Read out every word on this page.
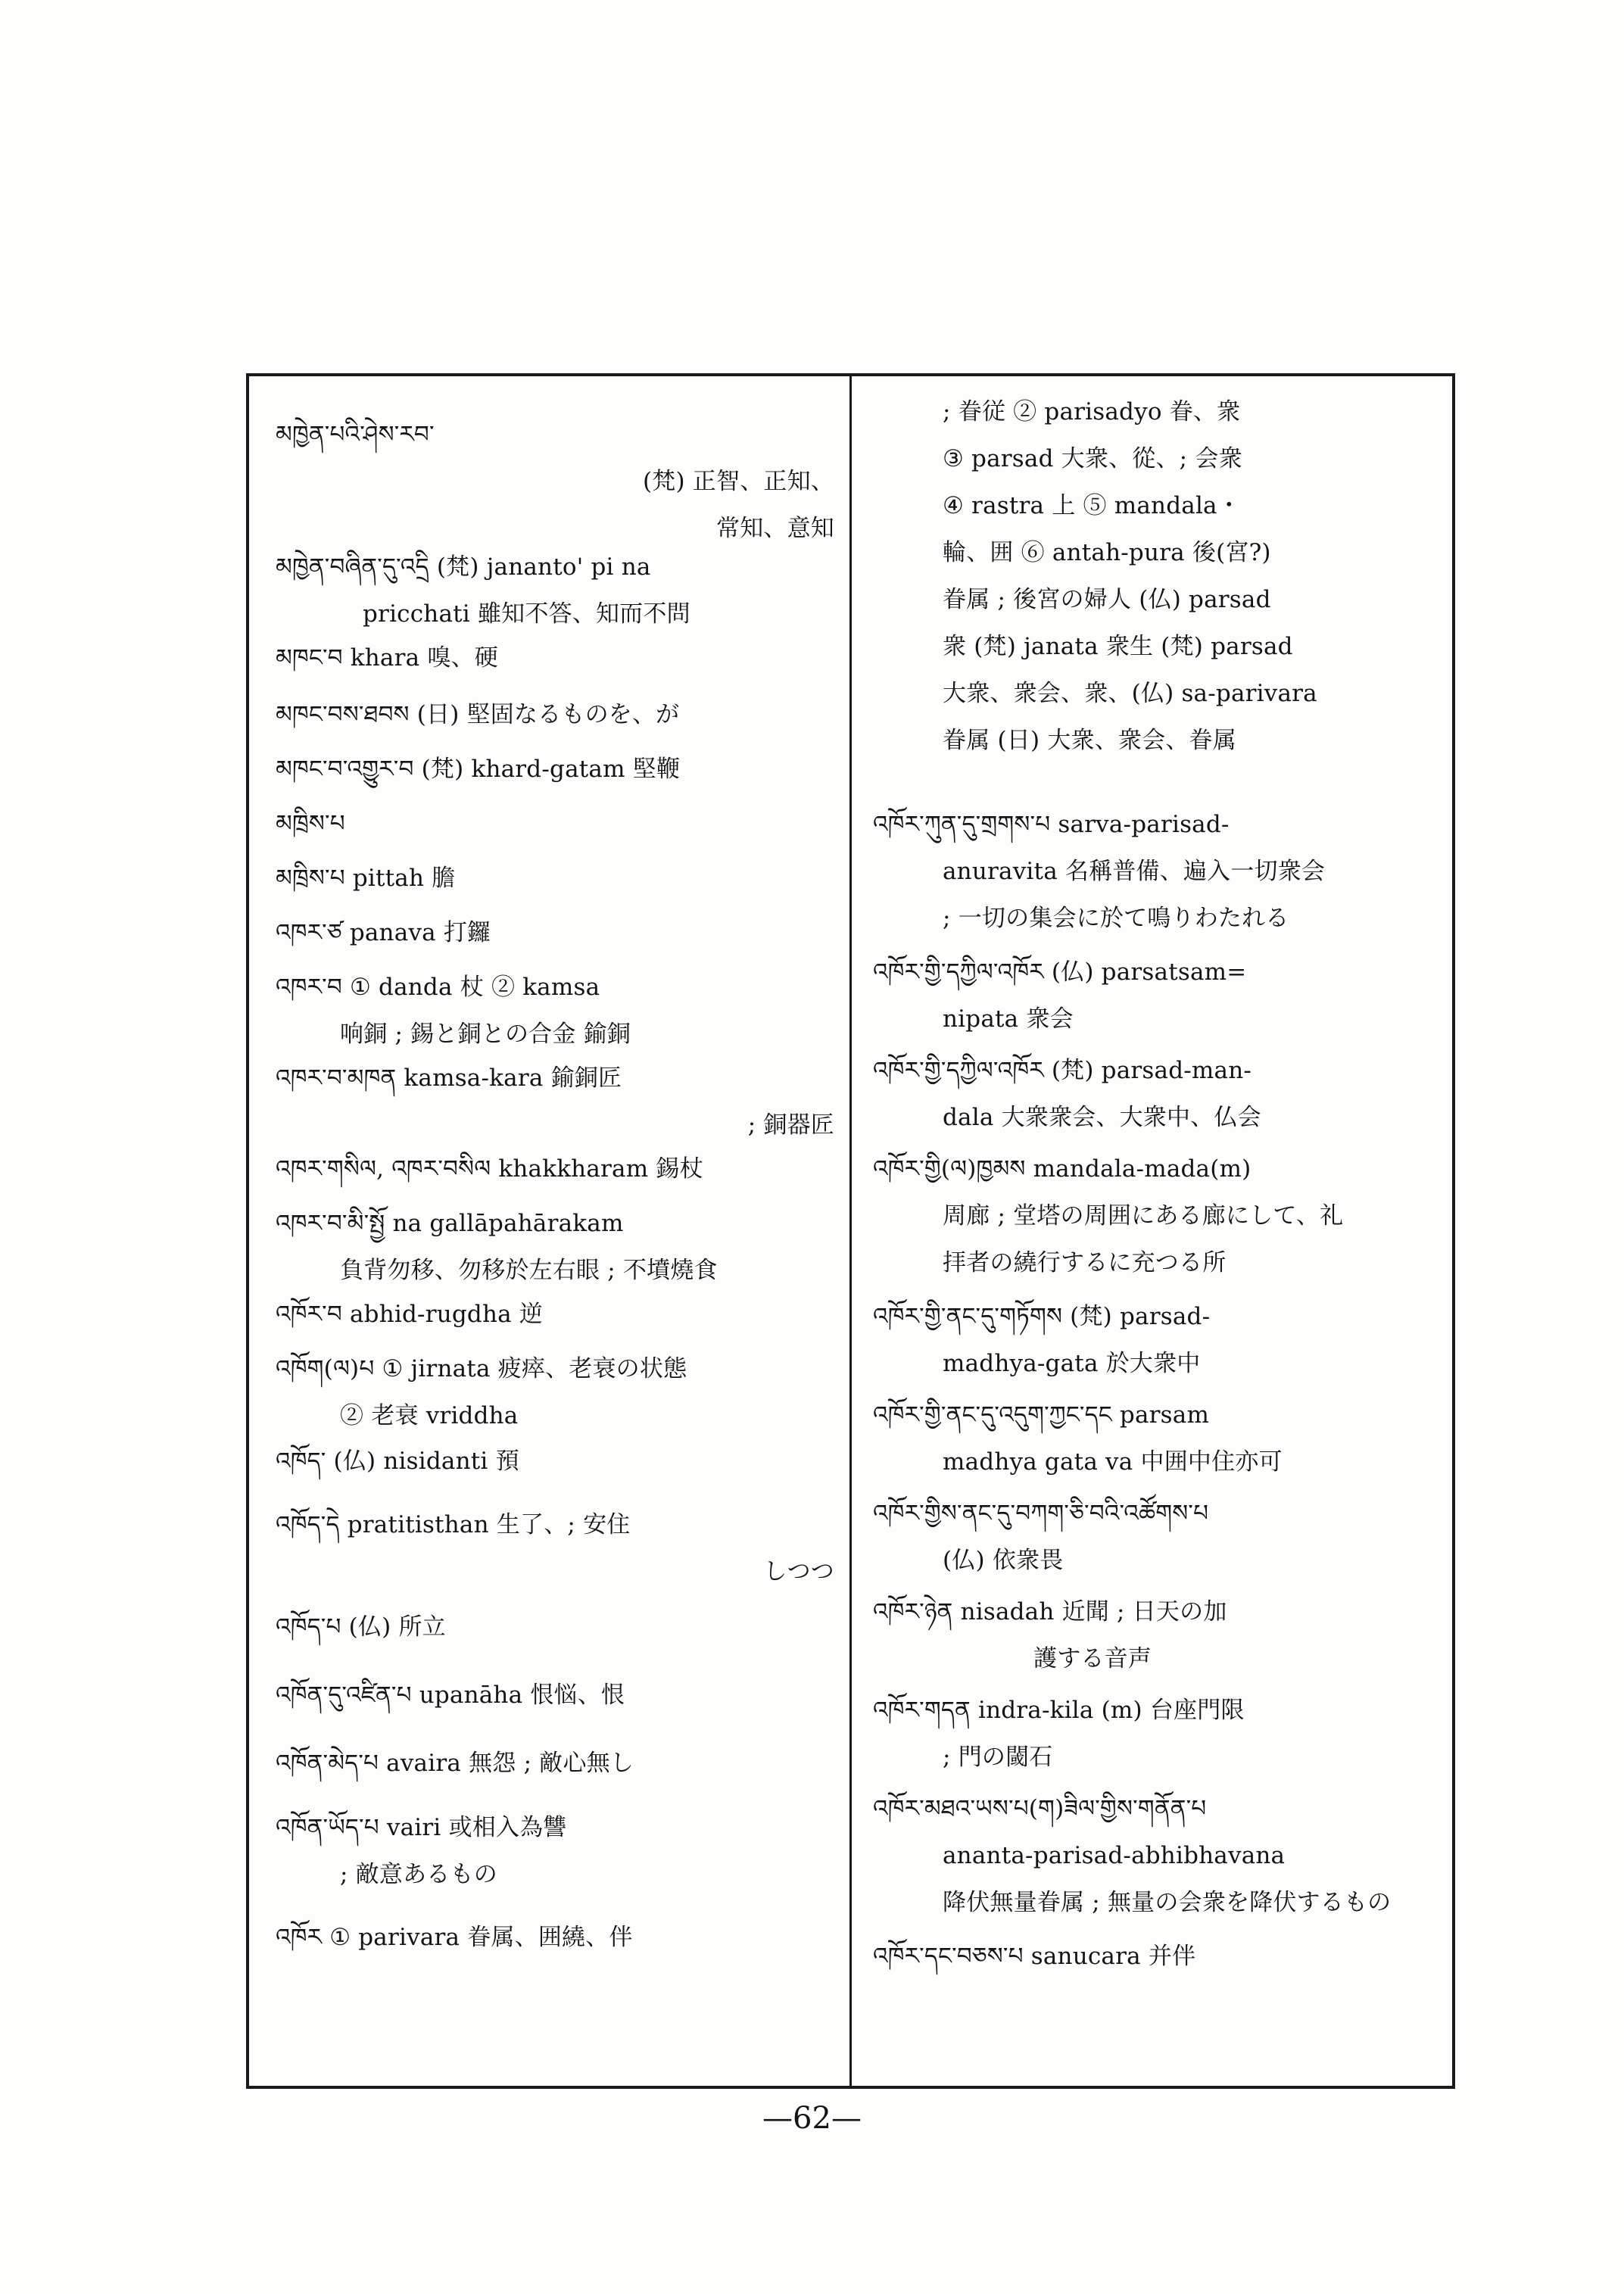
མཁྱེན་པའི་ཤེས་རབ་
(梵) 正智、正知、
常知、意知
མཁྱེན་བཞིན་དུ་འདྲི (梵) jananto' pi na
pricchati 雖知不答、知而不問
མཁང་བ khara 嗅、硬
མཁང་བས་ཐབས (日) 堅固なるものを、が
མཁང་བ་འགྱུར་བ (梵) khard-gatam 堅鞭
མཁྲིས་པ
མཁྲིས་པ pittah 膽
འཁར་ཙ panava 打鑼
འཁར་བ ① danda 杖 ② kamsa
响銅 ; 錫と銅との合金 鍮銅
འཁར་བ་མཁན kamsa-kara 鍮銅匠
; 銅器匠
འཁར་གསིལ, འཁར་བསིལ khakkharam 錫杖
འཁར་བ་མི་སྤྱོ na gallāpahārakam
負背勿移、勿移於左右眼 ; 不墳燒食
འཁོར་བ abhid-rugdha 逆
འཁོག(ལ)པ ① jirnata 疲瘁、老衰の状態
② 老衰 vriddha
འཁོད་ (仏) nisidanti 預
འཁོད་དེ pratitisthan 生了、; 安住
しつつ
འཁོད་པ (仏) 所立
འཁོན་དུ་འཛིན་པ upanāha 恨悩、恨
འཁོན་མེད་པ avaira 無怨 ; 敵心無し
འཁོན་ཡོད་པ vairi 或相入為讐
; 敵意あるもの
འཁོར ① parivara 眷属、囲繞、伴
; 眷従 ② parisadyo 眷、衆
③ parsad 大衆、從、; 会衆
④ rastra 上 ⑤ mandala・
輪、囲 ⑥ antah-pura 後(宮?)
眷属 ; 後宮の婦人 (仏) parsad
衆 (梵) janata 衆生 (梵) parsad
大衆、衆会、衆、(仏) sa-parivara
眷属 (日) 大衆、衆会、眷属
འཁོར་ཀུན་དུ་གྲགས་པ sarva-parisad-
anuravita 名稱普備、遍入一切衆会
; 一切の集会に於て鳴りわたれる
འཁོར་གྱི་དཀྱིལ་འཁོར (仏) parsatsam=
nipata 衆会
འཁོར་གྱི་དཀྱིལ་འཁོར (梵) parsad-man-
dala 大衆衆会、大衆中、仏会
འཁོར་གྱི(ལ)ཁྱམས mandala-mada(m)
周廊 ; 堂塔の周囲にある廊にして、礼
拝者の繞行するに充つる所
འཁོར་གྱི་ནང་དུ་གཏོགས (梵) parsad-
madhya-gata 於大衆中
འཁོར་གྱི་ནང་དུ་འདུག་ཀྱང་དང parsam
madhya gata va 中囲中住亦可
འཁོར་གྱིས་ནང་དུ་བཀག་ཅི་བའི་འཚོགས་པ
(仏) 依衆畏
འཁོར་ཉེན nisadah 近聞 ; 日天の加
護する音声
འཁོར་གདན indra-kila (m) 台座門限
; 門の閾石
འཁོར་མཐའ་ཡས་པ(ག)ཟིལ་གྱིས་གནོན་པ
ananta-parisad-abhibhavana
降伏無量眷属 ; 無量の会衆を降伏するもの
འཁོར་དང་བཅས་པ sanucara 并伴
—62—
